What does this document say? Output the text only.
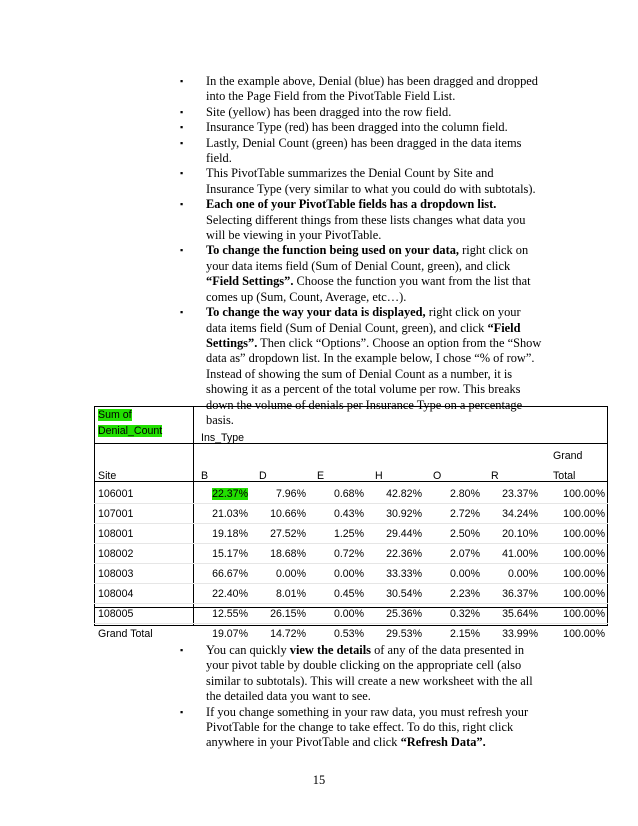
▪ In the example above, Denial (blue) has been dragged and dropped into the Page Field from the PivotTable Field List.
▪ Site (yellow) has been dragged into the row field.
▪ Insurance Type (red) has been dragged into the column field.
▪ Lastly, Denial Count (green) has been dragged in the data items field.
▪ This PivotTable summarizes the Denial Count by Site and Insurance Type (very similar to what you could do with subtotals).
▪ Each one of your PivotTable fields has a dropdown list. Selecting different things from these lists changes what data you will be viewing in your PivotTable.
▪ To change the function being used on your data, right click on your data items field (Sum of Denial Count, green), and click “Field Settings”. Choose the function you want from the list that comes up (Sum, Count, Average, etc…).
▪ To change the way your data is displayed, right click on your data items field (Sum of Denial Count, green), and click “Field Settings”. Then click “Options”. Choose an option from the “Show data as” dropdown list. In the example below, I chose “% of row”. Instead of showing the sum of Denial Count as a number, it is showing it as a percent of the total volume per row. This breaks down the volume of denials per Insurance Type on a percentage basis.
Sum of
Denial_Count	Ins_Type						
Site	B	D	E	H	O	R	Grand

Total
106001	22.37%	7.96%	0.68%	42.82%	2.80%	23.37%	100.00%
107001	21.03%	10.66%	0.43%	30.92%	2.72%	34.24%	100.00%
108001	19.18%	27.52%	1.25%	29.44%	2.50%	20.10%	100.00%
108002	15.17%	18.68%	0.72%	22.36%	2.07%	41.00%	100.00%
108003	66.67%	0.00%	0.00%	33.33%	0.00%	0.00%	100.00%
108004	22.40%	8.01%	0.45%	30.54%	2.23%	36.37%	100.00%
108005	12.55%	26.15%	0.00%	25.36%	0.32%	35.64%	100.00%
Grand Total	19.07%	14.72%	0.53%	29.53%	2.15%	33.99%	100.00%
▪ You can quickly view the details of any of the data presented in your pivot table by double clicking on the appropriate cell (also similar to subtotals). This will create a new worksheet with the all the detailed data you want to see.
▪ If you change something in your raw data, you must refresh your PivotTable for the change to take effect. To do this, right click anywhere in your PivotTable and click “Refresh Data”.
15
